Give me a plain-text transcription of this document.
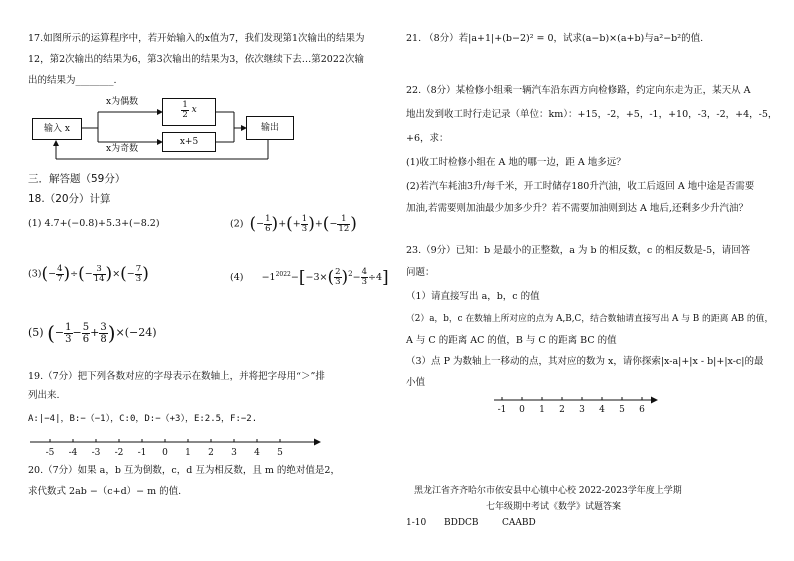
17.如图所示的运算程序中，若开始输入的x值为7，我们发现第1次输出的结果为
12，第2次输出的结果为6，第3次输出的结果为3，依次继续下去…第2022次输
出的结果为________.
输入 x
x为偶数
x为奇数
$\frac{1}{2}$ x
x+5
输出
三．解答题（59分）
18.（20分）计算
(1) 4.7+(−0.8)+5.3+(−8.2)	(2) (− $\frac{1}{6}$ )+(+ $\frac{1}{3}$ )+(− $\frac{1}{12}$ )
$(3)(- \frac{4}{7}$ )÷(− $\frac{3}{14}$ )×(− $\frac{7}{3}$ )	$(4) -1^{2022}-[-3\times( \frac{2}{3} )^2- \frac{4}{3} \div 4]$
(5) (− $\frac{1}{3} - \frac{5}{6} + \frac{3}{8} )\times(-24)$
19.（7分）把下列各数对应的字母表示在数轴上，并将把字母用“＞”排
列出来.
A:|−4|，B:−（−1），C:0，D:−（+3），E:2.5，F:−2.
-5 -4 -3 -2 -1 0 1 2 3 4 5
20.（7分）如果 a，b 互为倒数，c，d 互为相反数，且 m 的绝对值是2，
求代数式 2ab −（c+d）− m 的值.
21. （8分）若|a+1|+(b−2)² = 0，试求(a−b)×(a+b)与a²−b²的值.
22.（8分）某检修小组乘一辆汽车沿东西方向检修路，约定向东走为正，某天从 A
地出发到收工时行走记录（单位：km）：+15，-2，+5，-1，+10，-3，-2，+4，-5，
+6，求：
(1)收工时检修小组在 A 地的哪一边，距 A 地多远？
(2)若汽车耗油3升/每千米，开工时储存180升汽油，收工后返回 A 地中途是否需要
加油,若需要则加油最少加多少升？若不需要加油则到达 A 地后,还剩多少升汽油？
23.（9分）已知：b 是最小的正整数，a 为 b 的相反数，c 的相反数是-5，请回答
问题：
（1）请直接写出 a，b，c 的值
（2）a，b，c 在数轴上所对应的点为 A,B,C，结合数轴请直接写出 A 与 B 的距离 AB 的值，
A 与 C 的距离 AC 的值，B 与 C 的距离 BC 的值
（3）点 P 为数轴上一移动的点，其对应的数为 x，请你探索|x-a|+|x - b|+|x-c|的最
小值
-1 0 1 2 3 4 5 6
黑龙江省齐齐哈尔市依安县中心镇中心校 2022-2023学年度上学期
七年级期中考试《数学》试题答案
1-10 BDDCB	CAABD
